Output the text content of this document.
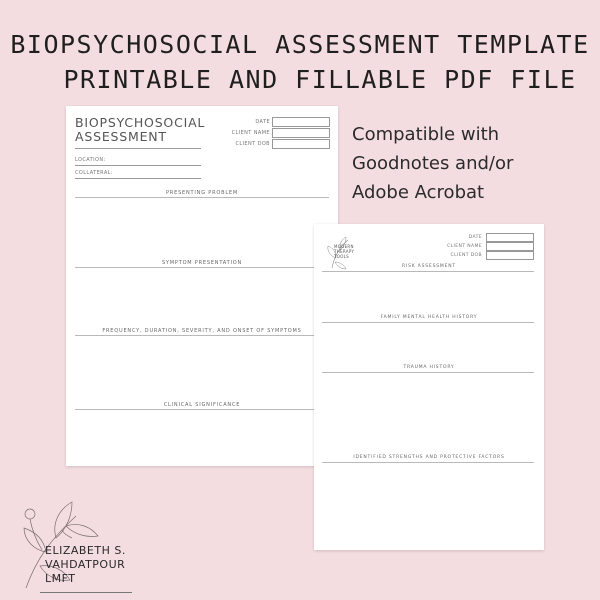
BIOPSYCHOSOCIAL ASSESSMENT TEMPLATE
PRINTABLE AND FILLABLE PDF FILE
Compatible with
Goodnotes and/or
Adobe Acrobat
BIOPSYCHOSOCIAL
ASSESSMENT
DATE
CLIENT NAME
CLIENT DOB
LOCATION:
COLLATERAL:
PRESENTING PROBLEM
SYMPTOM PRESENTATION
FREQUENCY, DURATION, SEVERITY, AND ONSET OF SYMPTOMS
CLINICAL SIGNIFICANCE
MODERN
THERAPY
TOOLS
DATE
CLIENT NAME
CLIENT DOB
RISK ASSESSMENT
FAMILY MENTAL HEALTH HISTORY
TRAUMA HISTORY
IDENTIFIED STRENGTHS AND PROTECTIVE FACTORS
ELIZABETH S.
VAHDATPOUR
LMFT
